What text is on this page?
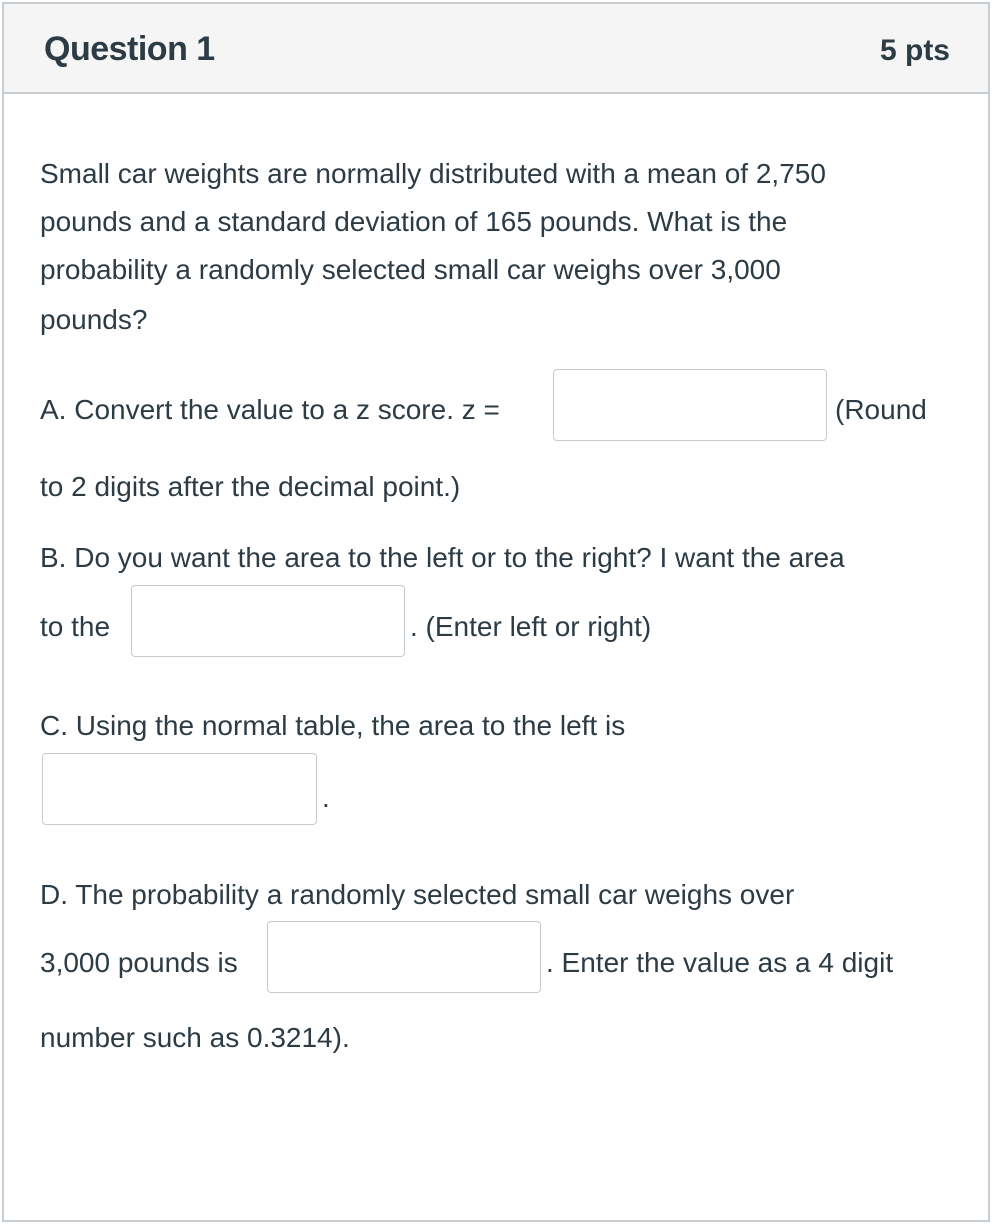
Question 1	5 pts
Small car weights are normally distributed with a mean of 2,750
pounds and a standard deviation of 165 pounds. What is the
probability a randomly selected small car weighs over 3,000
pounds?
A. Convert the value to a z score. z =	(Round
to 2 digits after the decimal point.)
B. Do you want the area to the left or to the right? I want the area
to the	. (Enter left or right)
C. Using the normal table, the area to the left is
.
D. The probability a randomly selected small car weighs over
3,000 pounds is	. Enter the value as a 4 digit
number such as 0.3214).
